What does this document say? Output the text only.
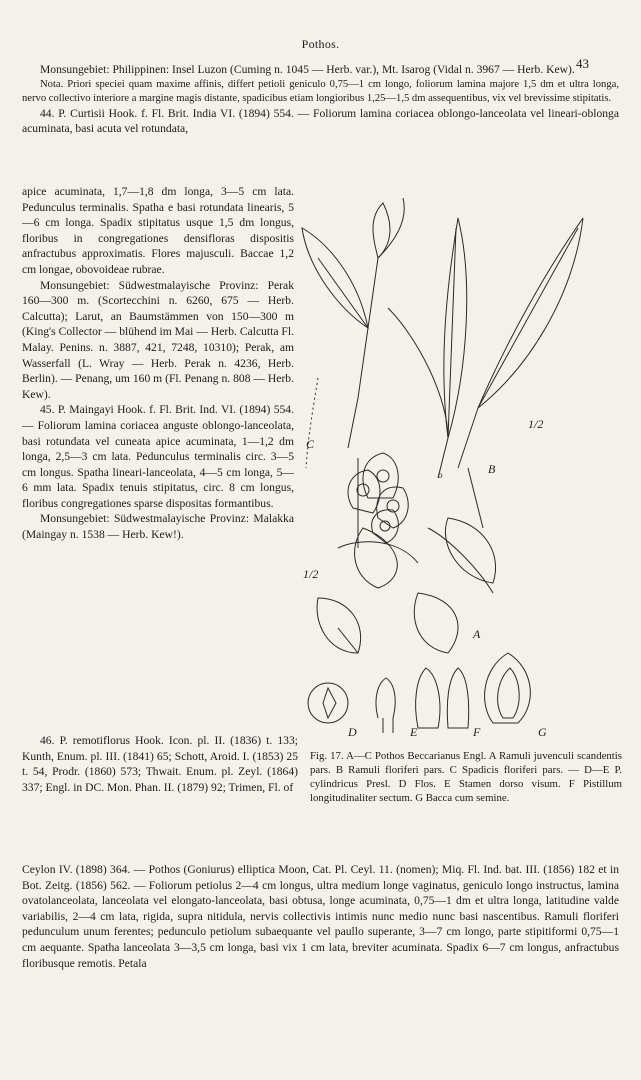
Pothos.
43

Monsungebiet: Philippinen: Insel Luzon (Cuming n. 1045 — Herb. var.), Mt. Isarog (Vidal n. 3967 — Herb. Kew).

Nota. Priori speciei quam maxime affinis, differt petioli geniculo 0,75—1 cm longo, foliorum lamina majore 1,5 dm et ultra longa, nervo collectivo interiore a margine magis distante, spadicibus etiam longioribus 1,25—1,5 dm assequentibus, vix vel brevissime stipitatis.

44. P. Curtisii Hook. f. Fl. Brit. India VI. (1894) 554. — Foliorum lamina coriacea oblongo-lanceolata vel lineari-oblonga acuminata, basi acuta vel rotundata,

apice acuminata, 1,7—1,8 dm longa, 3—5 cm lata. Pedunculus terminalis. Spatha e basi rotundata linearis, 5—6 cm longa. Spadix stipitatus usque 1,5 dm longus, floribus in congregationes densifloras dispositis anfractubus approximatis. Flores majusculi. Baccae 1,2 cm longae, obovoideae rubrae.

Monsungebiet: Südwestmalayische Provinz: Perak 160—300 m. (Scortecchini n. 6260, 675 — Herb. Calcutta); Larut, an Baumstämmen von 150—300 m (King's Collector — blühend im Mai — Herb. Calcutta Fl. Malay. Penins. n. 3887, 421, 7248, 10310); Perak, am Wasserfall (L. Wray — Herb. Perak n. 4236, Herb. Berlin). — Penang, um 160 m (Fl. Penang n. 808 — Herb. Kew).

45. P. Maingayi Hook. f. Fl. Brit. Ind. VI. (1894) 554. — Foliorum lamina coriacea anguste oblongo-lanceolata, basi rotundata vel cuneata apice acuminata, 1—1,2 dm longa, 2,5—3 cm lata. Pedunculus terminalis circ. 3—5 cm longus. Spatha lineari-lanceolata, 4—5 cm longa, 5—6 mm lata. Spadix tenuis stipitatus, circ. 8 cm longus, floribus congregationes sparse dispositas formantibus.

Monsungebiet: Südwestmalayische Provinz: Malakka (Maingay n. 1538 — Herb. Kew!).

C
B
o
1/2
1/2
A
D	E	F	G

Fig. 17. A—C Pothos Beccarianus Engl. A Ramuli juvenculi scandentis pars. B Ramuli floriferi pars. C Spadicis floriferi pars. — D—E P. cylindricus Presl. D Flos. E Stamen dorso visum. F Pistillum longitudinaliter sectum. G Bacca cum semine.

46. P. remotiflorus Hook. Icon. pl. II. (1836) t. 133; Kunth, Enum. pl. III. (1841) 65; Schott, Aroid. I. (1853) 25 t. 54, Prodr. (1860) 573; Thwait. Enum. pl. Zeyl. (1864) 337; Engl. in DC. Mon. Phan. II. (1879) 92; Trimen, Fl. of

Ceylon IV. (1898) 364. — Pothos (Goniurus) elliptica Moon, Cat. Pl. Ceyl. 11. (nomen); Miq. Fl. Ind. bat. III. (1856) 182 et in Bot. Zeitg. (1856) 562. — Foliorum petiolus 2—4 cm longus, ultra medium longe vaginatus, geniculo longo instructus, lamina ovatolanceolata, lanceolata vel elongato-lanceolata, basi obtusa, longe acuminata, 0,75—1 dm et ultra longa, latitudine valde variabilis, 2—4 cm lata, rigida, supra nitidula, nervis collectivis intimis nunc medio nunc basi nascentibus. Ramuli floriferi pedunculum unum ferentes; pedunculo petiolum subaequante vel paullo superante, 3—7 cm longo, parte stipitiformi 0,75—1 cm aequante. Spatha lanceolata 3—3,5 cm longa, basi vix 1 cm lata, breviter acuminata. Spadix 6—7 cm longus, anfractubus floribusque remotis. Petala
